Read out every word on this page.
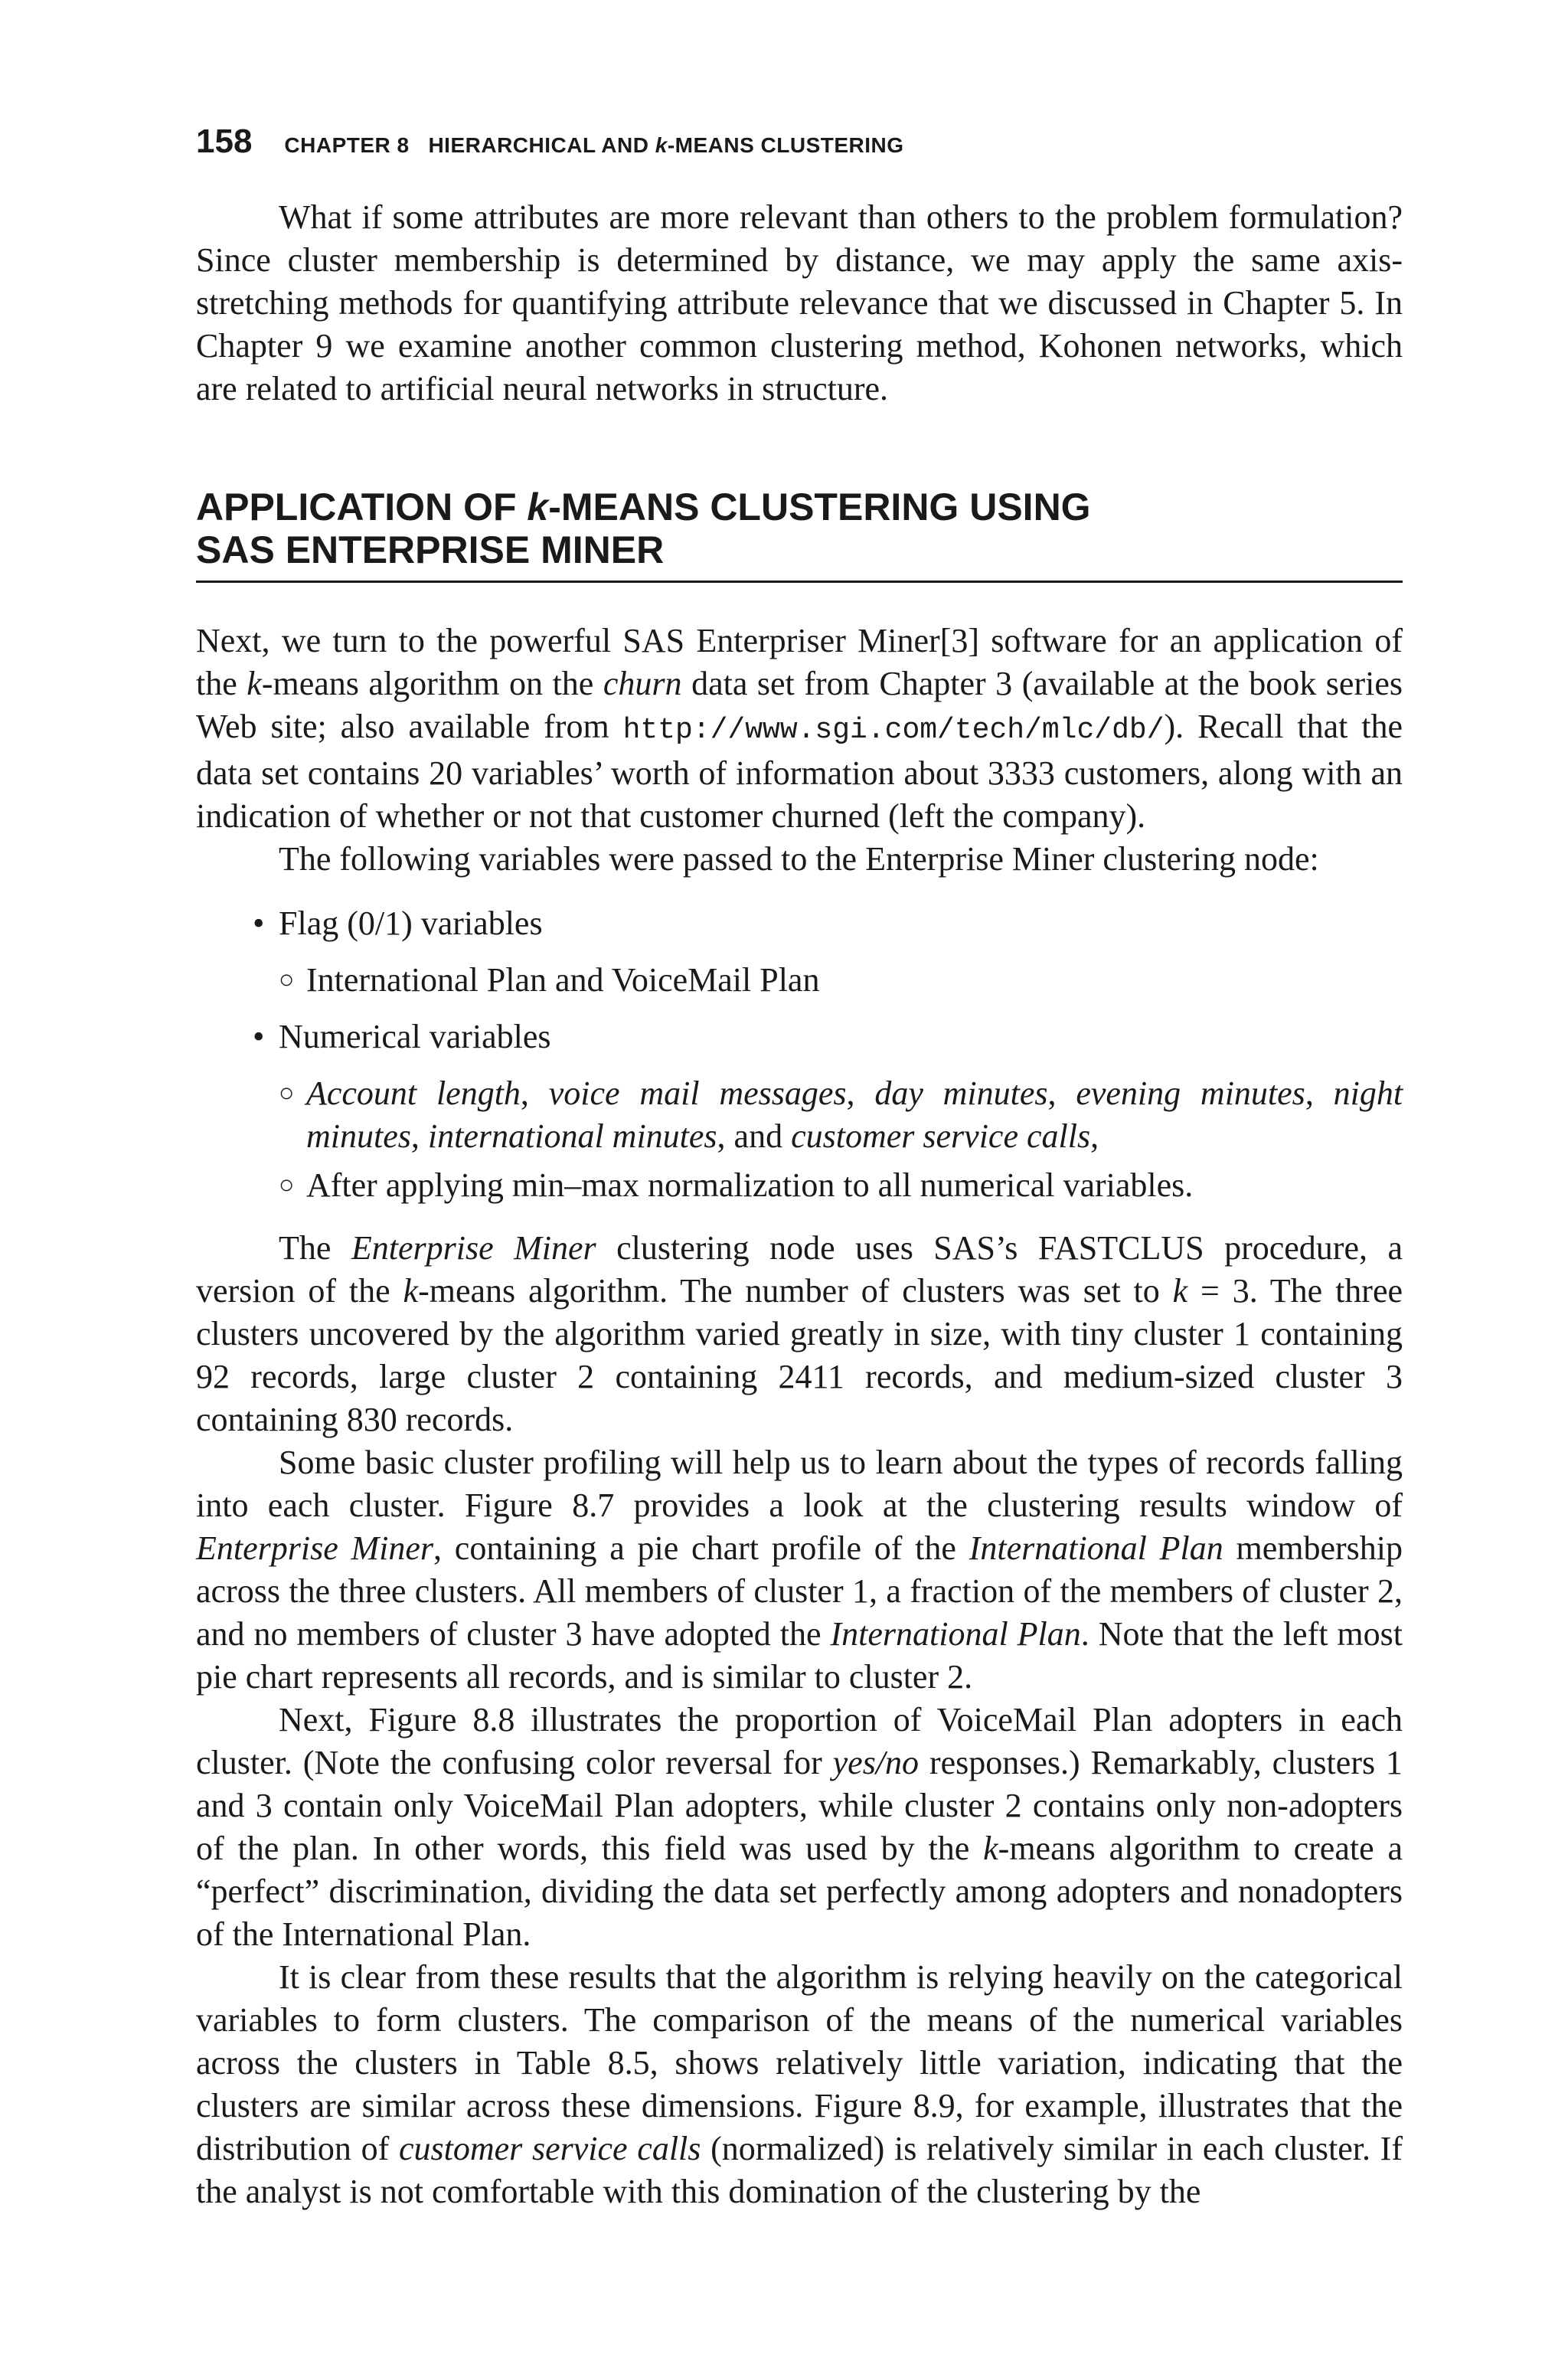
158 CHAPTER 8   HIERARCHICAL AND k-MEANS CLUSTERING

What if some attributes are more relevant than others to the problem formulation? Since cluster membership is determined by distance, we may apply the same axis-stretching methods for quantifying attribute relevance that we discussed in Chapter 5. In Chapter 9 we examine another common clustering method, Kohonen networks, which are related to artificial neural networks in structure.

APPLICATION OF k-MEANS CLUSTERING USING
SAS ENTERPRISE MINER

Next, we turn to the powerful SAS Enterpriser Miner[3] software for an application of the k-means algorithm on the churn data set from Chapter 3 (available at the book series Web site; also available from http://www.sgi.com/tech/mlc/db/). Recall that the data set contains 20 variables’ worth of information about 3333 customers, along with an indication of whether or not that customer churned (left the company).

The following variables were passed to the Enterprise Miner clustering node:

• Flag (0/1) variables
○ International Plan and VoiceMail Plan
• Numerical variables
○ Account length, voice mail messages, day minutes, evening minutes, night minutes, international minutes, and customer service calls,
○ After applying min–max normalization to all numerical variables.

The Enterprise Miner clustering node uses SAS’s FASTCLUS procedure, a version of the k-means algorithm. The number of clusters was set to k = 3. The three clusters uncovered by the algorithm varied greatly in size, with tiny cluster 1 containing 92 records, large cluster 2 containing 2411 records, and medium-sized cluster 3 containing 830 records.

Some basic cluster profiling will help us to learn about the types of records falling into each cluster. Figure 8.7 provides a look at the clustering results window of Enterprise Miner, containing a pie chart profile of the International Plan membership across the three clusters. All members of cluster 1, a fraction of the members of cluster 2, and no members of cluster 3 have adopted the International Plan. Note that the left most pie chart represents all records, and is similar to cluster 2.

Next, Figure 8.8 illustrates the proportion of VoiceMail Plan adopters in each cluster. (Note the confusing color reversal for yes/no responses.) Remarkably, clusters 1 and 3 contain only VoiceMail Plan adopters, while cluster 2 contains only non-adopters of the plan. In other words, this field was used by the k-means algorithm to create a “perfect” discrimination, dividing the data set perfectly among adopters and nonadopters of the International Plan.

It is clear from these results that the algorithm is relying heavily on the categorical variables to form clusters. The comparison of the means of the numerical variables across the clusters in Table 8.5, shows relatively little variation, indicating that the clusters are similar across these dimensions. Figure 8.9, for example, illustrates that the distribution of customer service calls (normalized) is relatively similar in each cluster. If the analyst is not comfortable with this domination of the clustering by the
